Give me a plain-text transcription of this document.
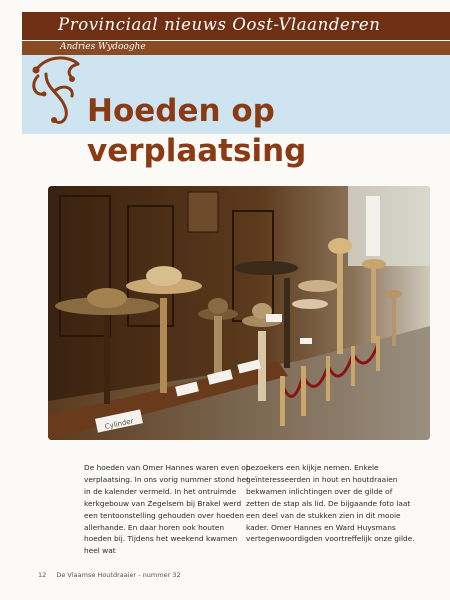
Provinciaal nieuws Oost-Vlaanderen
Andries Wydooghe
Hoeden op
verplaatsing
Cylinder
De hoeden van Omer Hannes waren even op verplaatsing. In ons vorig nummer stond het in de kalender vermeld. In het ontruimde kerkgebouw van Zegelsem bij Brakel werd een tentoonstelling gehouden over hoeden allerhande. En daar horen ook houten hoeden bij. Tijdens het weekend kwamen heel wat
bezoekers een kijkje nemen. Enkele geïnteresseerden in hout en houtdraaien bekwamen inlichtingen over de gilde of zetten de stap als lid. De bijgaande foto laat een deel van de stukken zien in dit mooie kader. Omer Hannes en Ward Huysmans vertegenwoordigden voortreffelijk onze gilde.
12 De Vlaamse Houtdraaier - nummer 32
